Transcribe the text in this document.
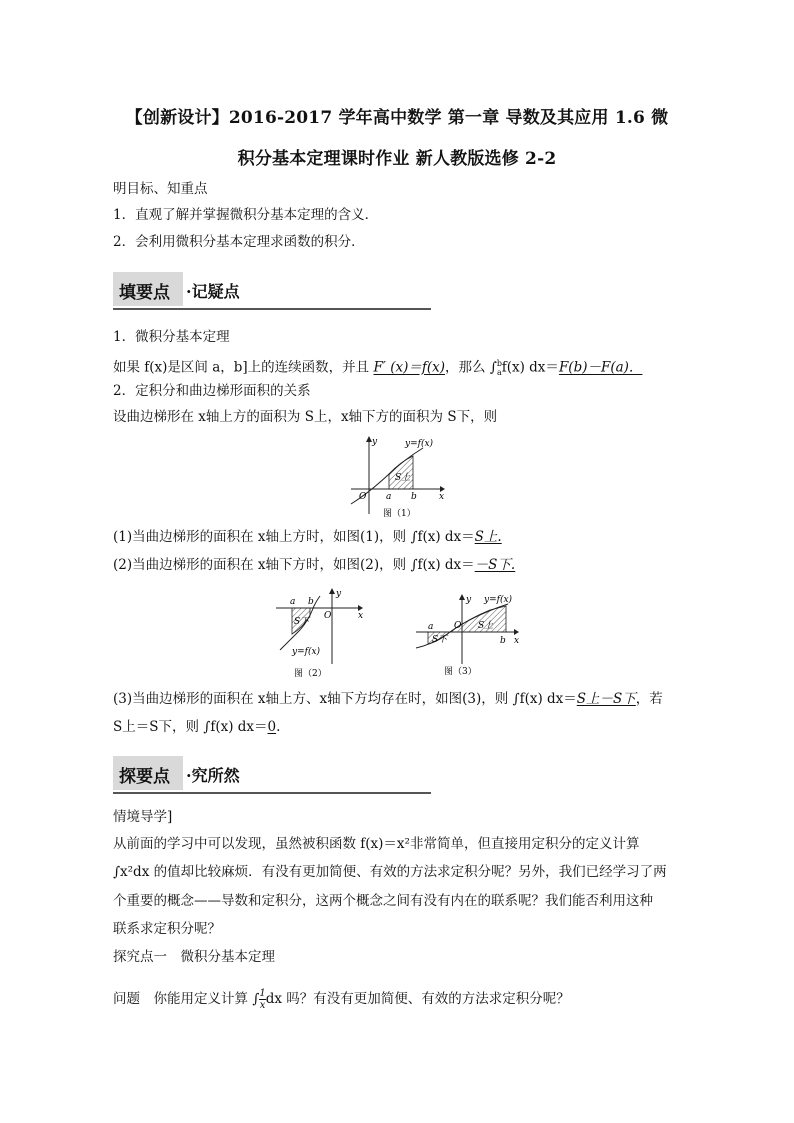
【创新设计】2016-2017 学年高中数学 第一章 导数及其应用 1.6 微
积分基本定理课时作业 新人教版选修 2-2
明目标、知重点
1．直观了解并掌握微积分基本定理的含义．
2．会利用微积分基本定理求函数的积分．
填要点 ·记疑点
1．微积分基本定理
如果 f(x)是区间 a，b]上的连续函数，并且 F′ (x)＝f(x)，那么 ∫$^b_a$f(x) dx＝F(b)－F(a)．
2．定积分和曲边梯形面积的关系
设曲边梯形在 x轴上方的面积为 S上，x轴下方的面积为 S下，则
y	y=f(x)
S上
O a b x
图（1）
(1)当曲边梯形的面积在 x轴上方时，如图(1)，则 ∫f(x) dx＝S上.
(2)当曲边梯形的面积在 x轴下方时，如图(2)，则 ∫f(x) dx＝－S下.
y
a b
O	x
S下
y=f(x)
图（2）
y y=f(x)
a O S上
S下	b x
图（3）
(3)当曲边梯形的面积在 x轴上方、x轴下方均存在时，如图(3)，则 ∫f(x) dx＝S上－S下，若
S上＝S下，则 ∫f(x) dx＝0.
探要点 ·究所然
情境导学]
从前面的学习中可以发现，虽然被积函数 f(x)＝x²非常简单，但直接用定积分的定义计算
∫x²dx 的值却比较麻烦．有没有更加简便、有效的方法求定积分呢？另外，我们已经学习了两
个重要的概念——导数和定积分，这两个概念之间有没有内在的联系呢？我们能否利用这种
联系求定积分呢？
探究点一　微积分基本定理
问题　你能用定义计算 ∫ $\frac{1}{x}$ dx 吗？有没有更加简便、有效的方法求定积分呢？
